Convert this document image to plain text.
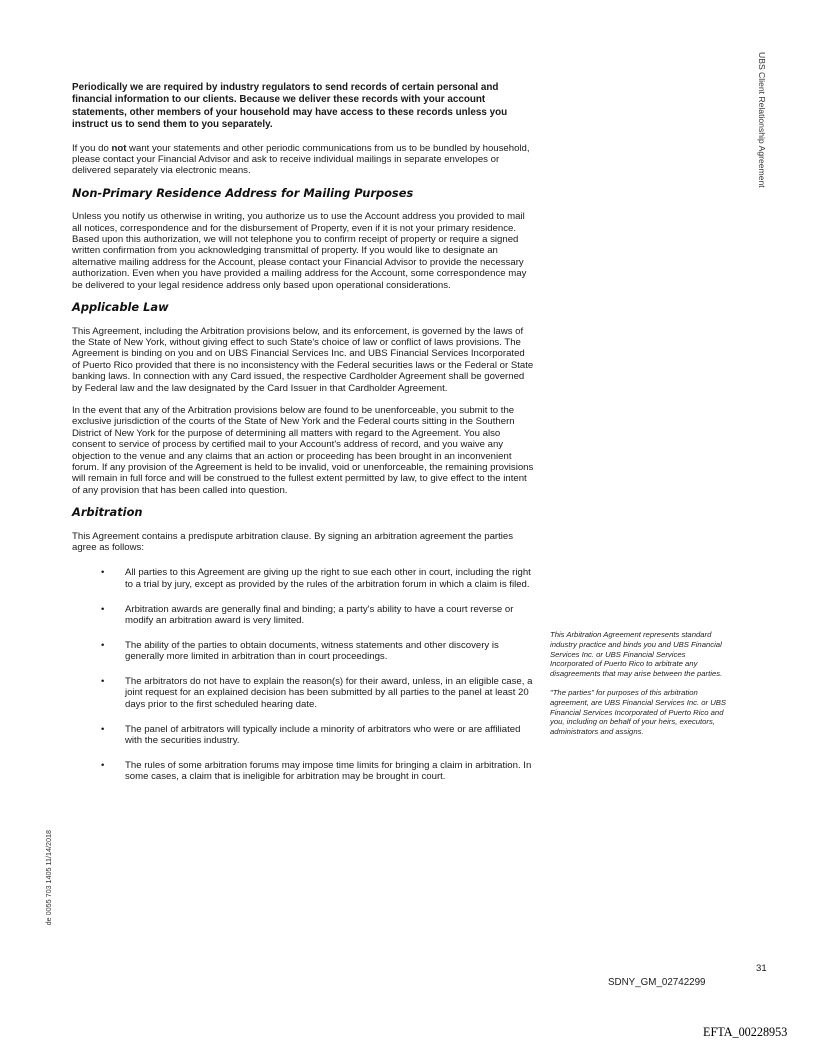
UBS Client Relationship Agreement
de 0055 703 1405 11/14/2018

Periodically we are required by industry regulators to send records of certain personal and financial information to our clients. Because we deliver these records with your account statements, other members of your household may have access to these records unless you instruct us to send them to you separately.

If you do not want your statements and other periodic communications from us to be bundled by household, please contact your Financial Advisor and ask to receive individual mailings in separate envelopes or delivered separately via electronic means.

Non-Primary Residence Address for Mailing Purposes

Unless you notify us otherwise in writing, you authorize us to use the Account address you provided to mail all notices, correspondence and for the disbursement of Property, even if it is not your primary residence. Based upon this authorization, we will not telephone you to confirm receipt of property or require a signed written confirmation from you acknowledging transmittal of property. If you would like to designate an alternative mailing address for the Account, please contact your Financial Advisor to provide the necessary authorization. Even when you have provided a mailing address for the Account, some correspondence may be delivered to your legal residence address only based upon operational considerations.

Applicable Law

This Agreement, including the Arbitration provisions below, and its enforcement, is governed by the laws of the State of New York, without giving effect to such State's choice of law or conflict of laws provisions. The Agreement is binding on you and on UBS Financial Services Inc. and UBS Financial Services Incorporated of Puerto Rico provided that there is no inconsistency with the Federal securities laws or the Federal or State banking laws. In connection with any Card issued, the respective Cardholder Agreement shall be governed by Federal law and the law designated by the Card Issuer in that Cardholder Agreement.

In the event that any of the Arbitration provisions below are found to be unenforceable, you submit to the exclusive jurisdiction of the courts of the State of New York and the Federal courts sitting in the Southern District of New York for the purpose of determining all matters with regard to the Agreement. You also consent to service of process by certified mail to your Account's address of record, and you waive any objection to the venue and any claims that an action or proceeding has been brought in an inconvenient forum. If any provision of the Agreement is held to be invalid, void or unenforceable, the remaining provisions will remain in full force and will be construed to the fullest extent permitted by law, to give effect to the intent of any provision that has been called into question.

Arbitration

This Agreement contains a predispute arbitration clause. By signing an arbitration agreement the parties agree as follows:

• All parties to this Agreement are giving up the right to sue each other in court, including the right to a trial by jury, except as provided by the rules of the arbitration forum in which a claim is filed.
• Arbitration awards are generally final and binding; a party's ability to have a court reverse or modify an arbitration award is very limited.
• The ability of the parties to obtain documents, witness statements and other discovery is generally more limited in arbitration than in court proceedings.
• The arbitrators do not have to explain the reason(s) for their award, unless, in an eligible case, a joint request for an explained decision has been submitted by all parties to the panel at least 20 days prior to the first scheduled hearing date.
• The panel of arbitrators will typically include a minority of arbitrators who were or are affiliated with the securities industry.
• The rules of some arbitration forums may impose time limits for bringing a claim in arbitration. In some cases, a claim that is ineligible for arbitration may be brought in court.

This Arbitration Agreement represents standard industry practice and binds you and UBS Financial Services Inc. or UBS Financial Services Incorporated of Puerto Rico to arbitrate any disagreements that may arise between the parties.

"The parties" for purposes of this arbitration agreement, are UBS Financial Services Inc. or UBS Financial Services Incorporated of Puerto Rico and you, including on behalf of your heirs, executors, administrators and assigns.

31
SDNY_GM_02742299
EFTA_00228953
